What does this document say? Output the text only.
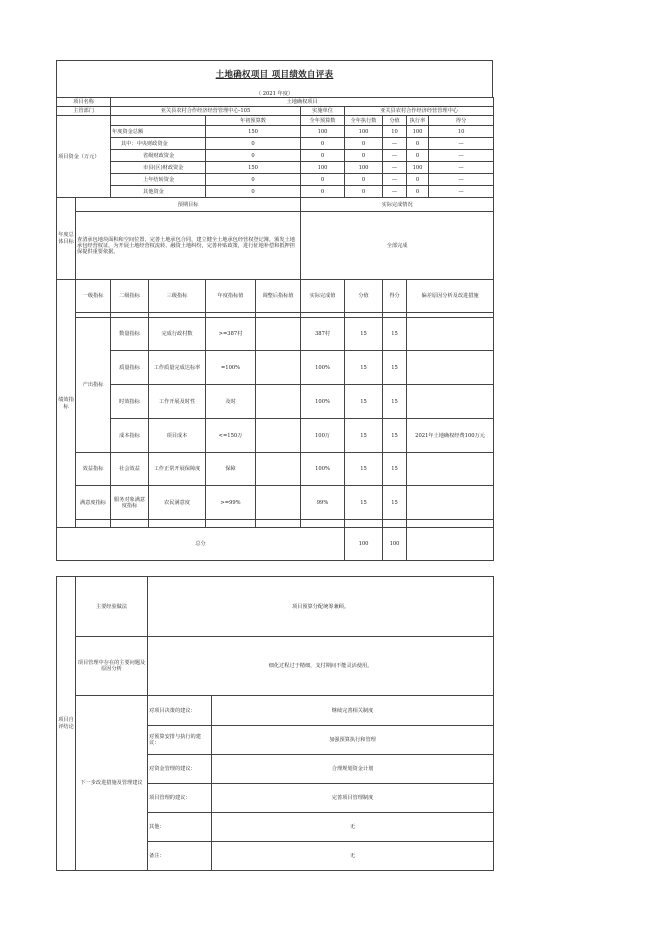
土地确权项目 项目绩效自评表
（ 2021 年度）
项目名称		土地确权项目								
主管部门		亚关县农村合作经济经营管理中心-105				实施单位	亚关县农村合作经济经营管理中心			
项目资金（万元）				年初预算数		全年预算数	全年执行数	分值	执行率	得分
		年度资金总额		150		100	100	10	100	10
		其中：中央财政资金		0		0	0	—	0	—
		省级财政资金		0		0	0	—	0	—
		市县(区)财政资金		150		100	100	—	100	—
		上年结转资金		0		0	0	—	0	—
		其他资金		0		0	0	—	0	—
年度总体目标	预期目标					实际完成情况				
	查清承包地块面积和空间位置，完善土地承包合同，建立健全土地承包经营权登记簿，颁发土地承包经营权证，为开展土地经营权流转、融资土地纠纷，完善补贴政策，进行征地补偿和抵押担保提供重要依据。					全部完成				
绩效指标	一级指标	二级指标	三级指标	年度指标值	调整后指标值	实际完成值	分值	得分	偏差原因分析及改进措施	

	产出指标	数量指标	完成行政村数	>=387村		387村	15	15		
		质量指标	工作质量完成达标率	=100%		100%	15	15		
		时效指标	工作开展及时性	及时		100%	15	15		
		成本指标	项目成本	<=150万		100万	15	15	2021年土地确权经费100万元	
	效益指标	社会效益	工作正常开展保障度	保障		100%	15	15		
	满意度指标	服务对象满意度指标	农民满意度	>=99%		99%	15	15		

总分							100	100		
项目自评结论	主要经验做法	项目预算分配统筹兼顾。	
	项目管理中存在的主要问题及原因分析	细化过程过于精细，支付期间不能灵活使用。	
	下一步改进措施及管理建议	对项目决策的建议：	继续完善相关制度
		对预算安排与执行的建议：	加强预算执行和管理
		对资金管理的建议：	合理规划资金计划
		项目管理的建议：	完善项目管理制度
		其他：	无
		备注：	无
